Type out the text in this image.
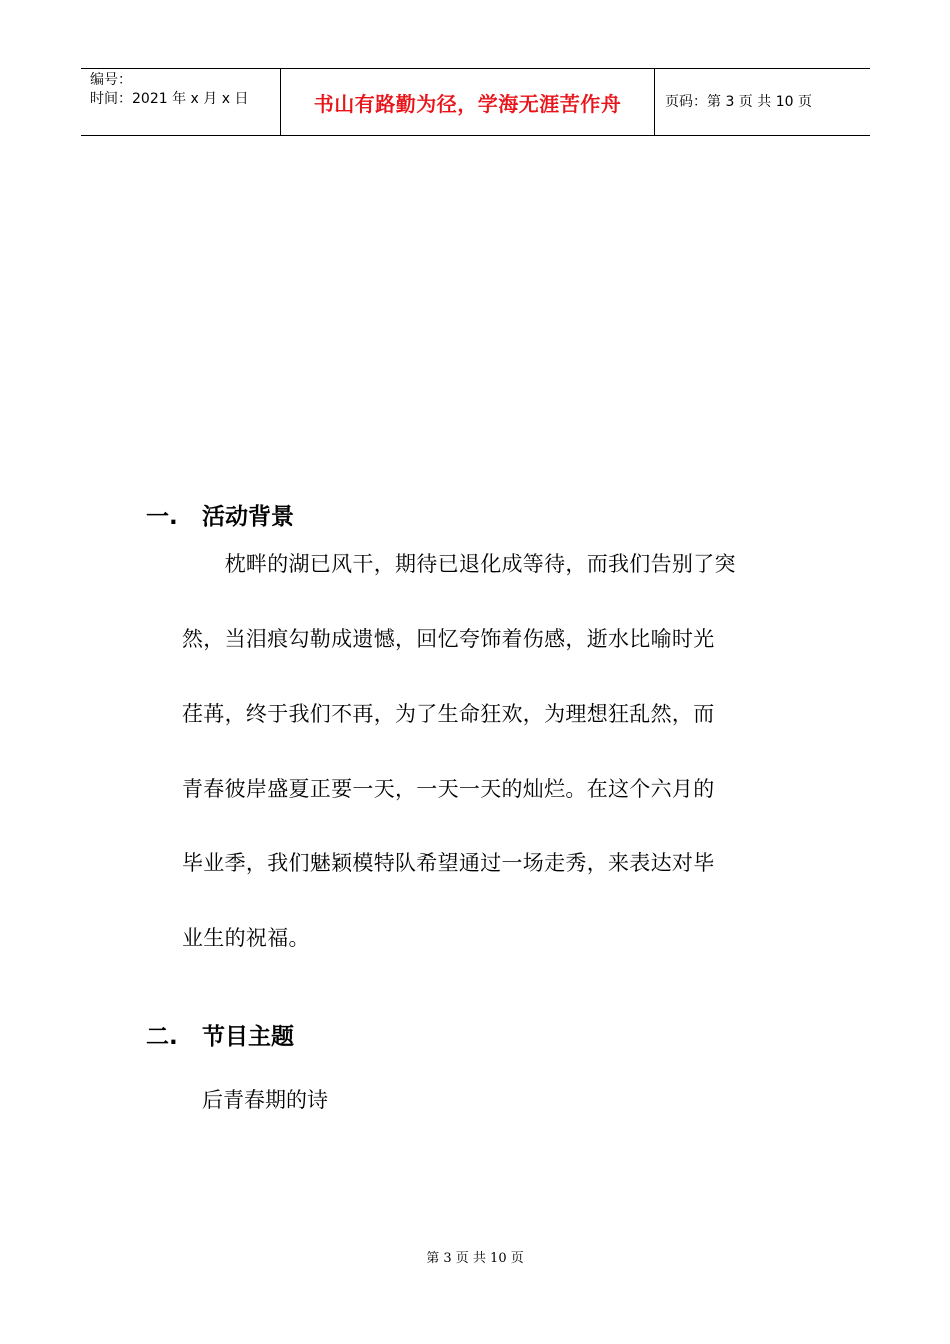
编号：
时间：2021 年 x 月 x 日	书山有路勤为径，学海无涯苦作舟	页码：第 3 页 共 10 页
一. 活动背景
　　枕畔的湖已风干，期待已退化成等待，而我们告别了突
然，当泪痕勾勒成遗憾，回忆夸饰着伤感，逝水比喻时光
荏苒，终于我们不再，为了生命狂欢，为理想狂乱然，而
青春彼岸盛夏正要一天，一天一天的灿烂。在这个六月的
毕业季，我们魅颖模特队希望通过一场走秀，来表达对毕
业生的祝福。
二. 节目主题
后青春期的诗
第 3 页 共 10 页
